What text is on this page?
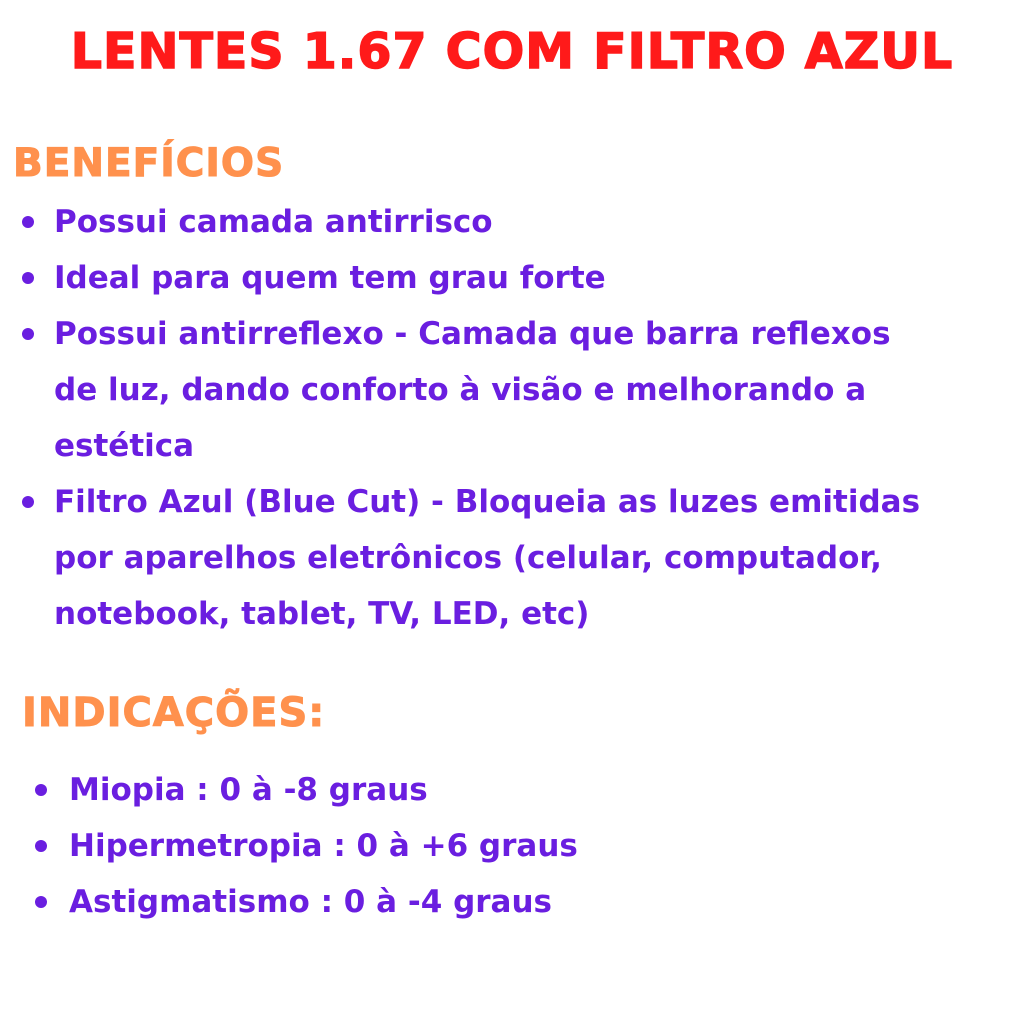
LENTES 1.67 COM FILTRO AZUL
BENEFÍCIOS
Possui camada antirrisco
Ideal para quem tem grau forte
Possui antirreflexo - Camada que barra reflexos
de luz, dando conforto à visão e melhorando a
estética
Filtro Azul (Blue Cut) - Bloqueia as luzes emitidas
por aparelhos eletrônicos (celular, computador,
notebook, tablet, TV, LED, etc)
INDICAÇÕES:
Miopia : 0 à -8 graus
Hipermetropia : 0 à +6 graus
Astigmatismo : 0 à -4 graus
